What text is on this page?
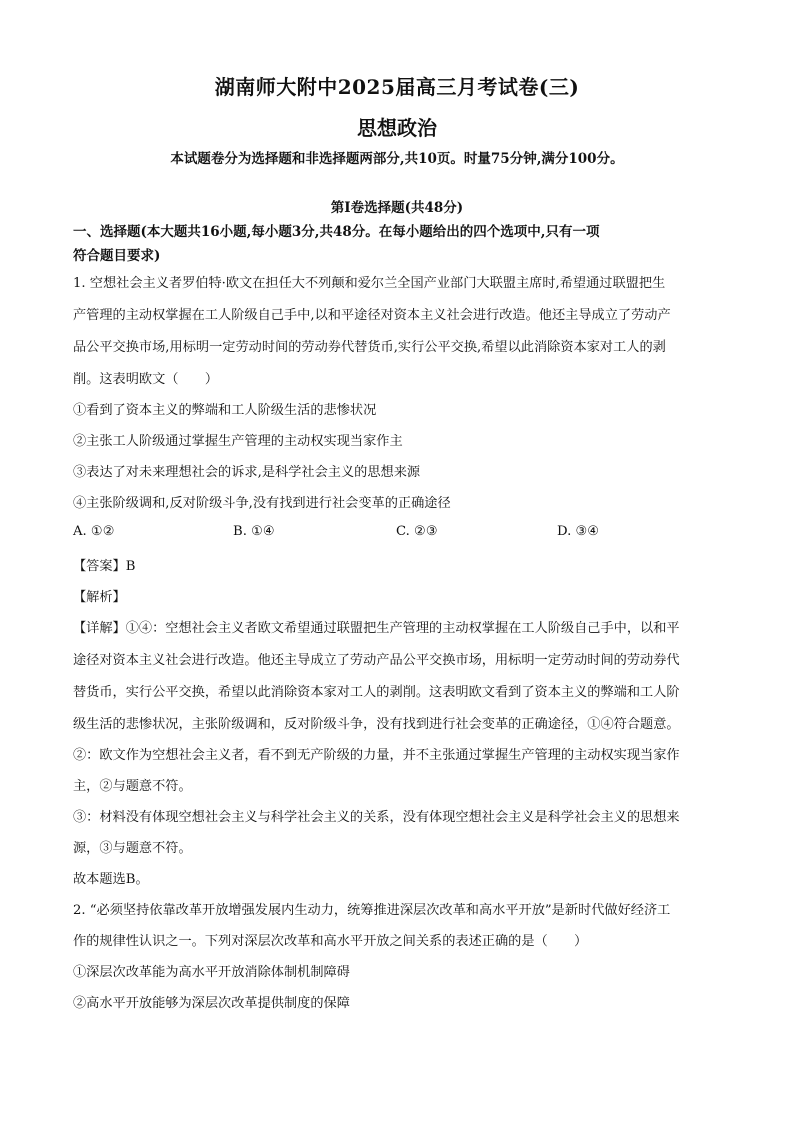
湖南师大附中2025届高三月考试卷(三)
思想政治
本试题卷分为选择题和非选择题两部分,共10页。时量75分钟,满分100分。
第Ⅰ卷选择题(共48分)
一、选择题(本大题共16小题,每小题3分,共48分。在每小题给出的四个选项中,只有一项
符合题目要求)
1. 空想社会主义者罗伯特·欧文在担任大不列颠和爱尔兰全国产业部门大联盟主席时,希望通过联盟把生
产管理的主动权掌握在工人阶级自己手中,以和平途径对资本主义社会进行改造。他还主导成立了劳动产
品公平交换市场,用标明一定劳动时间的劳动券代替货币,实行公平交换,希望以此消除资本家对工人的剥
削。这表明欧文（　　）
①看到了资本主义的弊端和工人阶级生活的悲惨状况
②主张工人阶级通过掌握生产管理的主动权实现当家作主
③表达了对未来理想社会的诉求,是科学社会主义的思想来源
④主张阶级调和,反对阶级斗争,没有找到进行社会变革的正确途径
A. ①②	B. ①④	C. ②③	D. ③④
【答案】B
【解析】
【详解】①④：空想社会主义者欧文希望通过联盟把生产管理的主动权掌握在工人阶级自己手中，以和平
途径对资本主义社会进行改造。他还主导成立了劳动产品公平交换市场，用标明一定劳动时间的劳动券代
替货币，实行公平交换，希望以此消除资本家对工人的剥削。这表明欧文看到了资本主义的弊端和工人阶
级生活的悲惨状况，主张阶级调和，反对阶级斗争，没有找到进行社会变革的正确途径，①④符合题意。
②：欧文作为空想社会主义者，看不到无产阶级的力量，并不主张通过掌握生产管理的主动权实现当家作
主，②与题意不符。
③：材料没有体现空想社会主义与科学社会主义的关系，没有体现空想社会主义是科学社会主义的思想来
源，③与题意不符。
故本题选B。
2. “必须坚持依靠改革开放增强发展内生动力，统筹推进深层次改革和高水平开放”是新时代做好经济工
作的规律性认识之一。下列对深层次改革和高水平开放之间关系的表述正确的是（　　）
①深层次改革能为高水平开放消除体制机制障碍
②高水平开放能够为深层次改革提供制度的保障
